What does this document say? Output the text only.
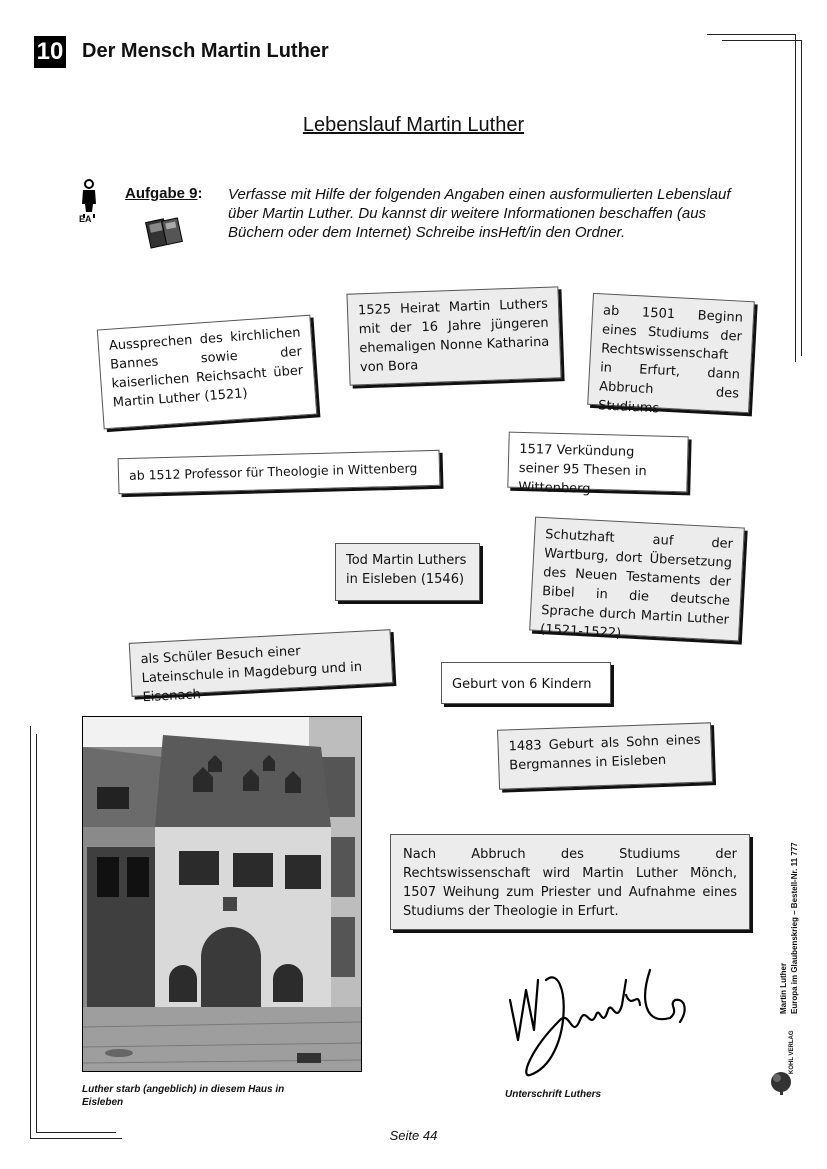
10 Der Mensch Martin Luther
Lebenslauf Martin Luther
EA
Aufgabe 9: Verfasse mit Hilfe der folgenden Angaben einen ausformulierten Lebenslauf über Martin Luther. Du kannst dir weitere Informationen beschaffen (aus Büchern oder dem Internet) Schreibe insHeft/in den Ordner.
Aussprechen des kirchlichen Bannes sowie der kaiserlichen Reichsacht über Martin Luther (1521)
1525 Heirat Martin Luthers mit der 16 Jahre jüngeren ehemaligen Nonne Katharina von Bora
ab 1501 Beginn eines Studiums der Rechtswissenschaft in Erfurt, dann Abbruch des Studiums
ab 1512 Professor für Theologie in Wittenberg
1517 Verkündung seiner 95 Thesen in Wittenberg
Tod Martin Luthers in Eisleben (1546)
Schutzhaft auf der Wartburg, dort Übersetzung des Neuen Testaments der Bibel in die deutsche Sprache durch Martin Luther (1521-1522)
als Schüler Besuch einer Lateinschule in Magdeburg und in Eisenach
Geburt von 6 Kindern
1483 Geburt als Sohn eines Bergmannes in Eisleben
Nach Abbruch des Studiums der Rechtswissenschaft wird Martin Luther Mönch, 1507 Weihung zum Priester und Aufnahme eines Studiums der Theologie in Erfurt.
Luther starb (angeblich) in diesem Haus in Eisleben
Unterschrift Luthers
Seite 44
Martin Luther Europa im Glaubenskrieg – Bestell-Nr. 11 777
KOHL VERLAG
